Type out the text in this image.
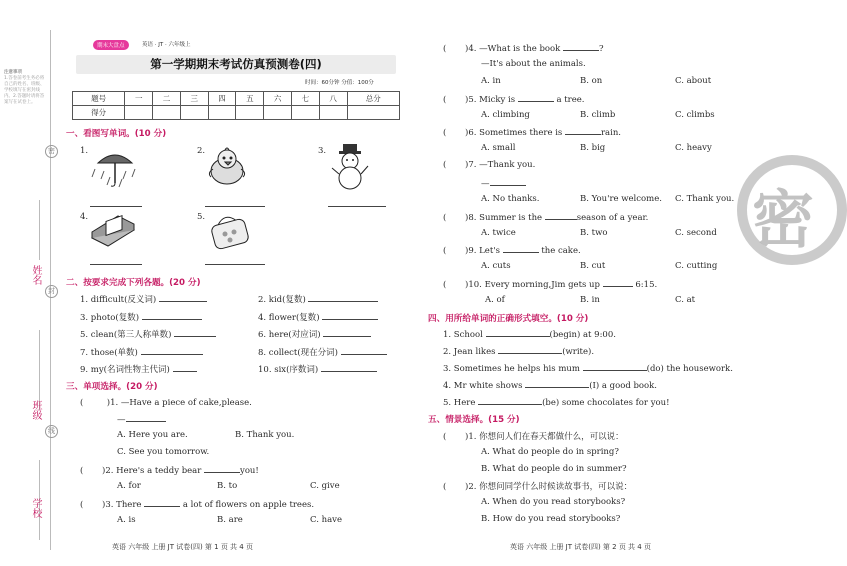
注意事项
1.答卷前考生务必将自己的姓名、班级、学校填写在密封线内。2.答题时请将答案写在试卷上。
密
封
线
姓名
班级
学校
期末大盘点	英语 · JT · 六年级上
第一学期期末考试仿真预测卷(四)
时间：60分钟 分值：100分
题号	一	二	三	四	五	六	七	八	总分
得分									
一、看图写单词。(10 分)
1.	2.	3.
4.	5.
二、按要求完成下列各题。(20 分)
1. difficult(反义词)	2. kid(复数)
3. photo(复数)	4. flower(复数)
5. clean(第三人称单数)	6. here(对应词)
7. those(单数)	8. collect(现在分词)
9. my(名词性物主代词)	10. six(序数词)
三、单项选择。(20 分)
(	)1. —Have a piece of cake,please.
—
A. Here you are.	B. Thank you.
C. See you tomorrow.
( )2. Here's a teddy bear	you!
A. for	B. to	C. give
( )3. There	a lot of flowers on apple trees.
A. is	B. are	C. have
英语 六年级 上册 JT 试卷(四) 第 1 页 共 4 页
( )4. —What is the book	?
—It's about the animals.
A. in	B. on	C. about
( )5. Micky is	a tree.
A. climbing	B. climb	C. climbs
( )6. Sometimes there is	rain.
A. small	B. big	C. heavy
( )7. —Thank you.
—
A. No thanks.	B. You're welcome. C. Thank you.
( )8. Summer is the	season of a year.
A. twice	B. two	C. second
( )9. Let's	the cake.
A. cuts	B. cut	C. cutting
( )10. Every morning,Jim gets up	6:15.
A. of	B. in	C. at
四、用所给单词的正确形式填空。(10 分)
1. School	(begin) at 9:00.
2. Jean likes	(write).
3. Sometimes he helps his mum	(do) the housework.
4. Mr white shows	(I) a good book.
5. Here	(be) some chocolates for you!
五、情景选择。(15 分)
( )1. 你想问人们在春天都做什么，可以说：
A. What do people do in spring?
B. What do people do in summer?
( )2. 你想问同学什么时候读故事书，可以说：
A. When do you read storybooks?
B. How do you read storybooks?
英语 六年级 上册 JT 试卷(四) 第 2 页 共 4 页
密
